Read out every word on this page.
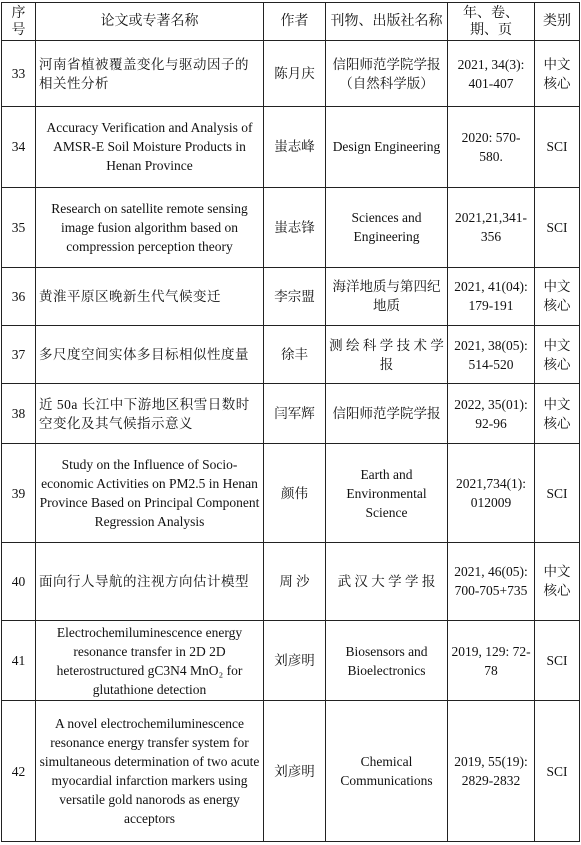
序号	论文或专著名称	作者	刊物、出版社名称	年、卷、期、页	类别
33	河南省植被覆盖变化与驱动因子的相关性分析	陈月庆	信阳师范学院学报（自然科学版）	2021, 34(3): 401-407	中文核心
34	Accuracy Verification and Analysis of AMSR-E Soil Moisture Products in Henan Province	蚩志峰	Design Engineering	2020: 570-580.	SCI
35	Research on satellite remote sensing image fusion algorithm based on compression perception theory	蚩志锋	Sciences and Engineering	2021,21,341-356	SCI
36	黄淮平原区晚新生代气候变迁	李宗盟	海洋地质与第四纪地质	2021, 41(04): 179-191	中文核心
37	多尺度空间实体多目标相似性度量	徐丰	测 绘 科 学 技 术 学 报	2021, 38(05): 514-520	中文核心
38	近 50a 长江中下游地区积雪日数时空变化及其气候指示意义	闫军辉	信阳师范学院学报	2022, 35(01): 92-96	中文核心
39	Study on the Influence of Socio-economic Activities on PM2.5 in Henan Province Based on Principal Component Regression Analysis	颜伟	Earth and Environmental Science	2021,734(1): 012009	SCI
40	面向行人导航的注视方向估计模型	周 沙	武 汉 大 学 学 报	2021, 46(05): 700-705+735	中文核心
41	Electrochemiluminescence energy resonance transfer in 2D 2D heterostructured gC3N4 MnO₂ for glutathione detection	刘彦明	Biosensors and Bioelectronics	2019, 129: 72-78	SCI
42	A novel electrochemiluminescence resonance energy transfer system for simultaneous determination of two acute myocardial infarction markers using versatile gold nanorods as energy acceptors	刘彦明	Chemical Communications	2019, 55(19): 2829-2832	SCI
